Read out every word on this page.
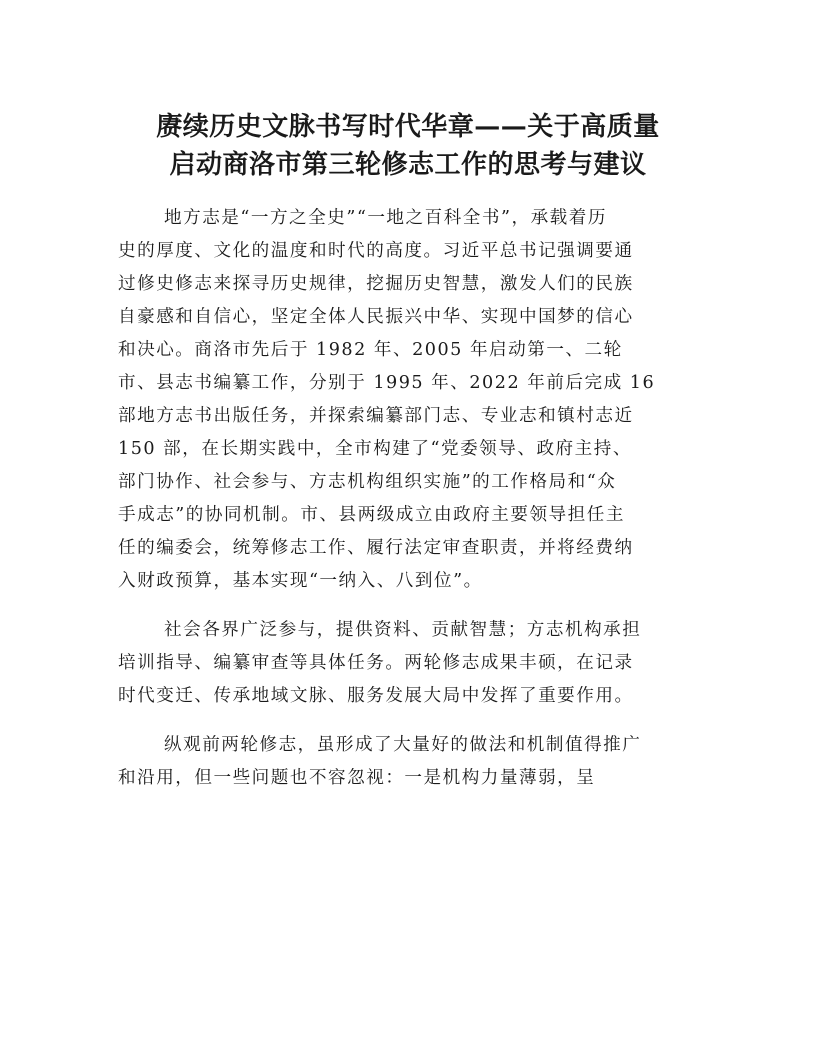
赓续历史文脉书写时代华章——关于高质量
启动商洛市第三轮修志工作的思考与建议
地方志是“一方之全史”“一地之百科全书”，承载着历
史的厚度、文化的温度和时代的高度。习近平总书记强调要通
过修史修志来探寻历史规律，挖掘历史智慧，激发人们的民族
自豪感和自信心，坚定全体人民振兴中华、实现中国梦的信心
和决心。商洛市先后于 1982 年、2005 年启动第一、二轮
市、县志书编纂工作，分别于 1995 年、2022 年前后完成 16
部地方志书出版任务，并探索编纂部门志、专业志和镇村志近
150 部，在长期实践中，全市构建了“党委领导、政府主持、
部门协作、社会参与、方志机构组织实施”的工作格局和“众
手成志”的协同机制。市、县两级成立由政府主要领导担任主
任的编委会，统筹修志工作、履行法定审查职责，并将经费纳
入财政预算，基本实现“一纳入、八到位”。
社会各界广泛参与，提供资料、贡献智慧；方志机构承担
培训指导、编纂审查等具体任务。两轮修志成果丰硕，在记录
时代变迁、传承地域文脉、服务发展大局中发挥了重要作用。
纵观前两轮修志，虽形成了大量好的做法和机制值得推广
和沿用，但一些问题也不容忽视：一是机构力量薄弱，呈
